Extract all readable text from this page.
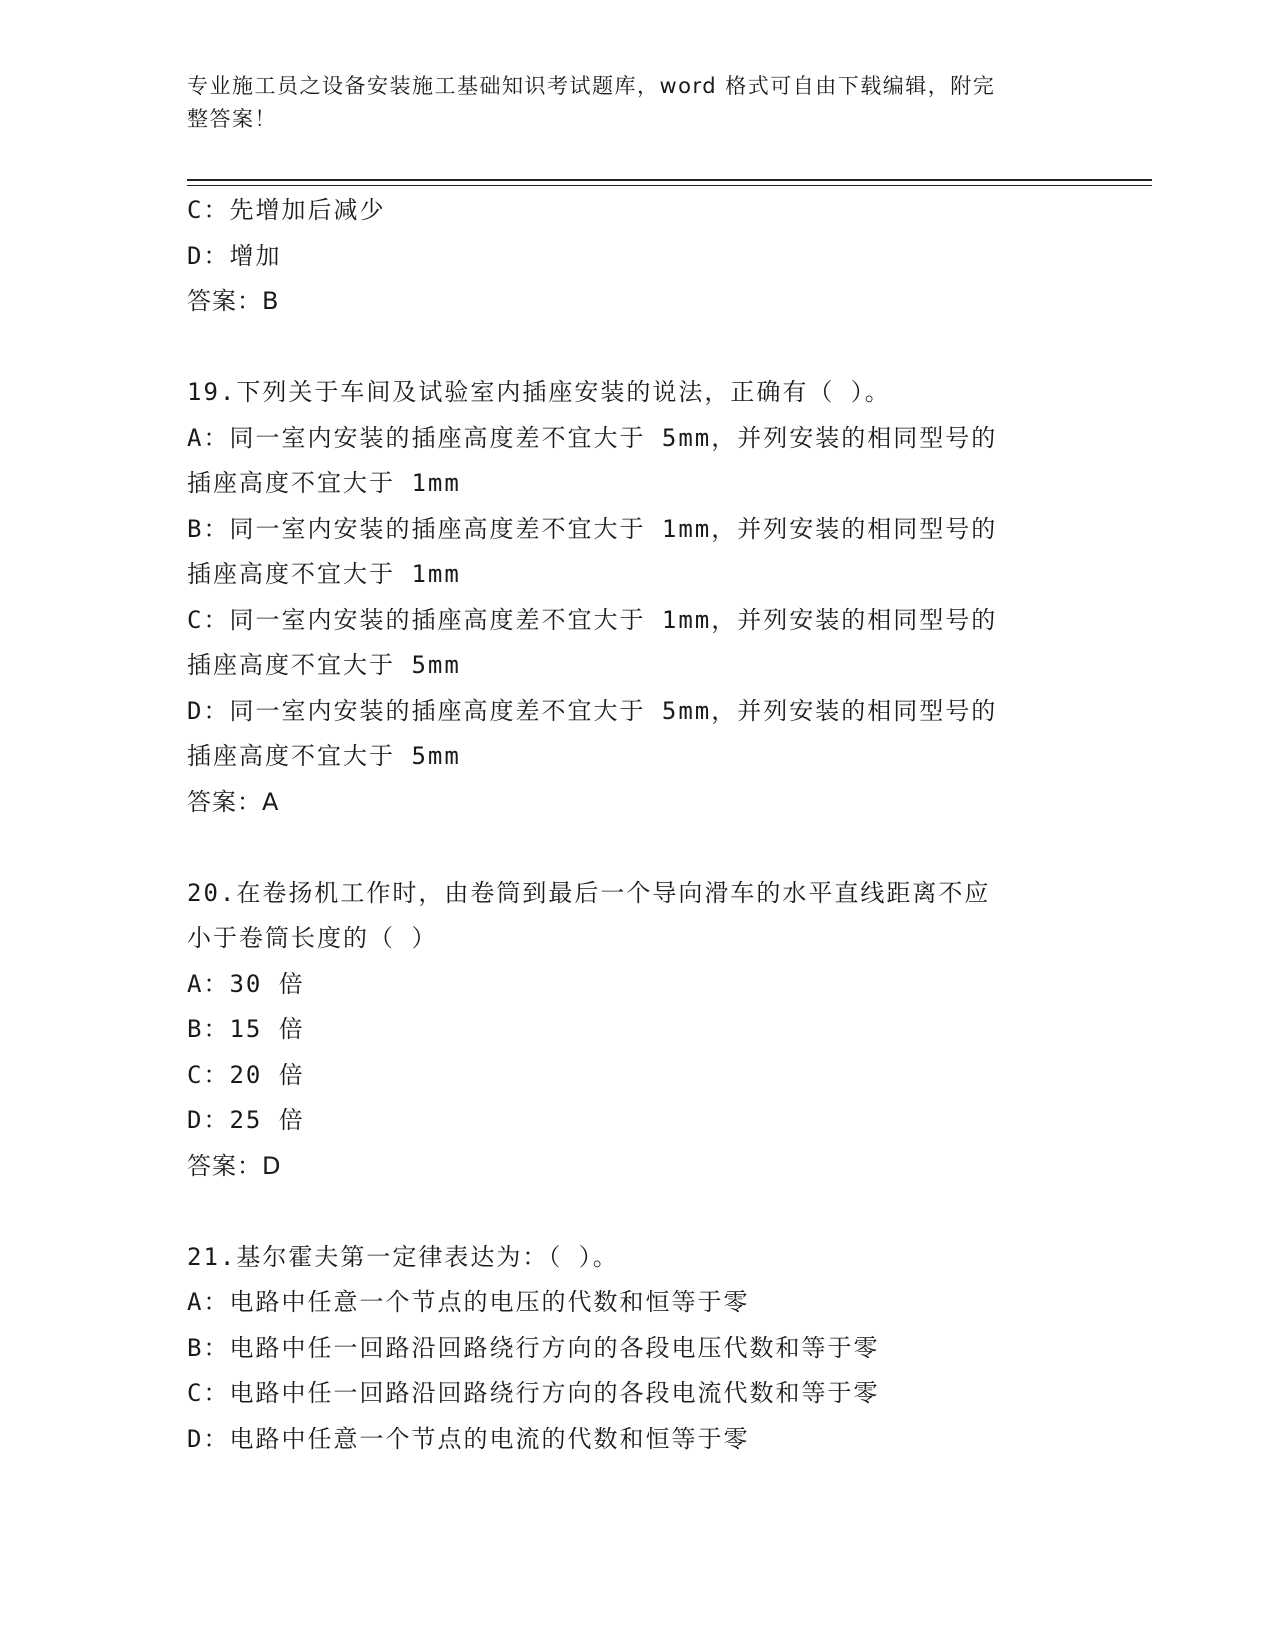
专业施工员之设备安装施工基础知识考试题库，word 格式可自由下载编辑，附完
整答案！
C：先增加后减少
D：增加
答案：B
19.下列关于车间及试验室内插座安装的说法，正确有（ ）。
A：同一室内安装的插座高度差不宜大于 5mm，并列安装的相同型号的
插座高度不宜大于 1mm
B：同一室内安装的插座高度差不宜大于 1mm，并列安装的相同型号的
插座高度不宜大于 1mm
C：同一室内安装的插座高度差不宜大于 1mm，并列安装的相同型号的
插座高度不宜大于 5mm
D：同一室内安装的插座高度差不宜大于 5mm，并列安装的相同型号的
插座高度不宜大于 5mm
答案：A
20.在卷扬机工作时，由卷筒到最后一个导向滑车的水平直线距离不应
小于卷筒长度的（ ）
A：30 倍
B：15 倍
C：20 倍
D：25 倍
答案：D
21.基尔霍夫第一定律表达为：（ ）。
A：电路中任意一个节点的电压的代数和恒等于零
B：电路中任一回路沿回路绕行方向的各段电压代数和等于零
C：电路中任一回路沿回路绕行方向的各段电流代数和等于零
D：电路中任意一个节点的电流的代数和恒等于零
